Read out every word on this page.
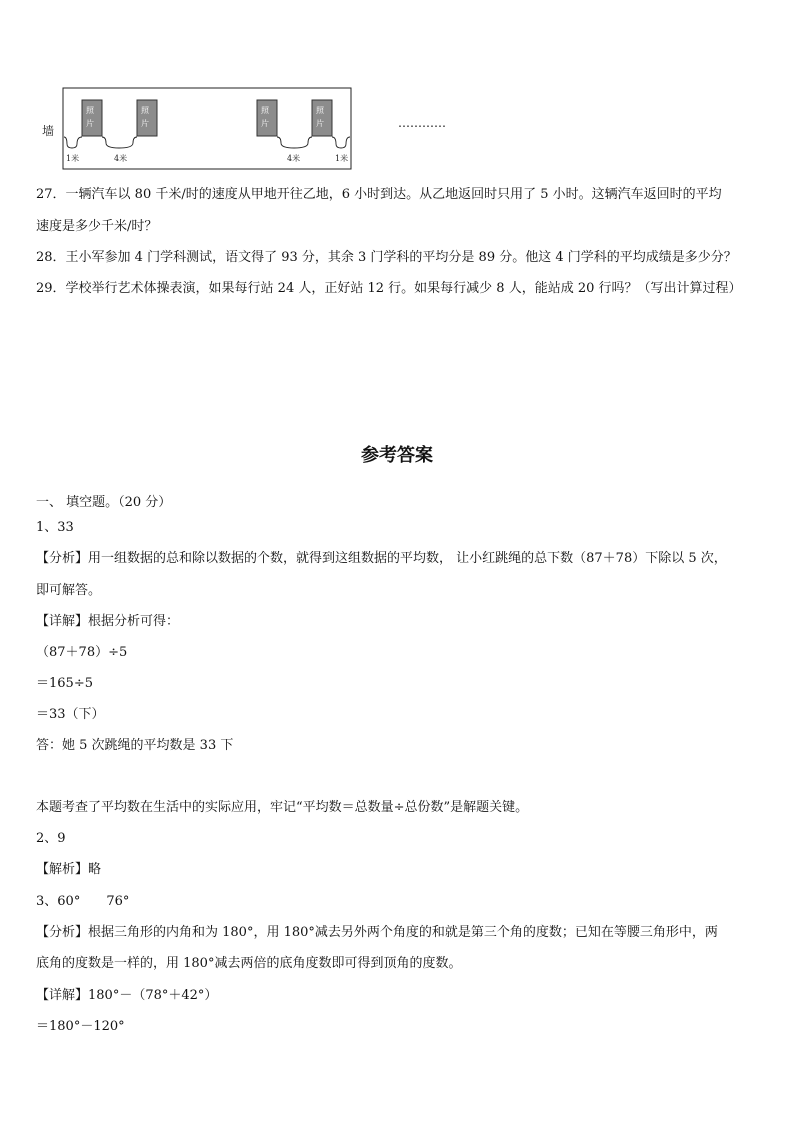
墙
照
片
照
片
照
片
照
片
1米	4米	4米	1米
…………
27．一辆汽车以 80 千米/时的速度从甲地开往乙地，6 小时到达。从乙地返回时只用了 5 小时。这辆汽车返回时的平均
速度是多少千米/时？
28．王小军参加 4 门学科测试，语文得了 93 分，其余 3 门学科的平均分是 89 分。他这 4 门学科的平均成绩是多少分？
29．学校举行艺术体操表演，如果每行站 24 人，正好站 12 行。如果每行减少 8 人，能站成 20 行吗？（写出计算过程）
参考答案
一、 填空题。（20 分）
1、33
【分析】用一组数据的总和除以数据的个数，就得到这组数据的平均数， 让小红跳绳的总下数（87＋78）下除以 5 次，
即可解答。
【详解】根据分析可得：
（87＋78）÷5
＝165÷5
＝33（下）
答：她 5 次跳绳的平均数是 33 下
本题考查了平均数在生活中的实际应用，牢记“平均数＝总数量÷总份数”是解题关键。
2、9
【解析】略
3、60°　　76°
【分析】根据三角形的内角和为 180°，用 180°减去另外两个角度的和就是第三个角的度数；已知在等腰三角形中，两
底角的度数是一样的，用 180°减去两倍的底角度数即可得到顶角的度数。
【详解】180°－（78°＋42°）
＝180°－120°
